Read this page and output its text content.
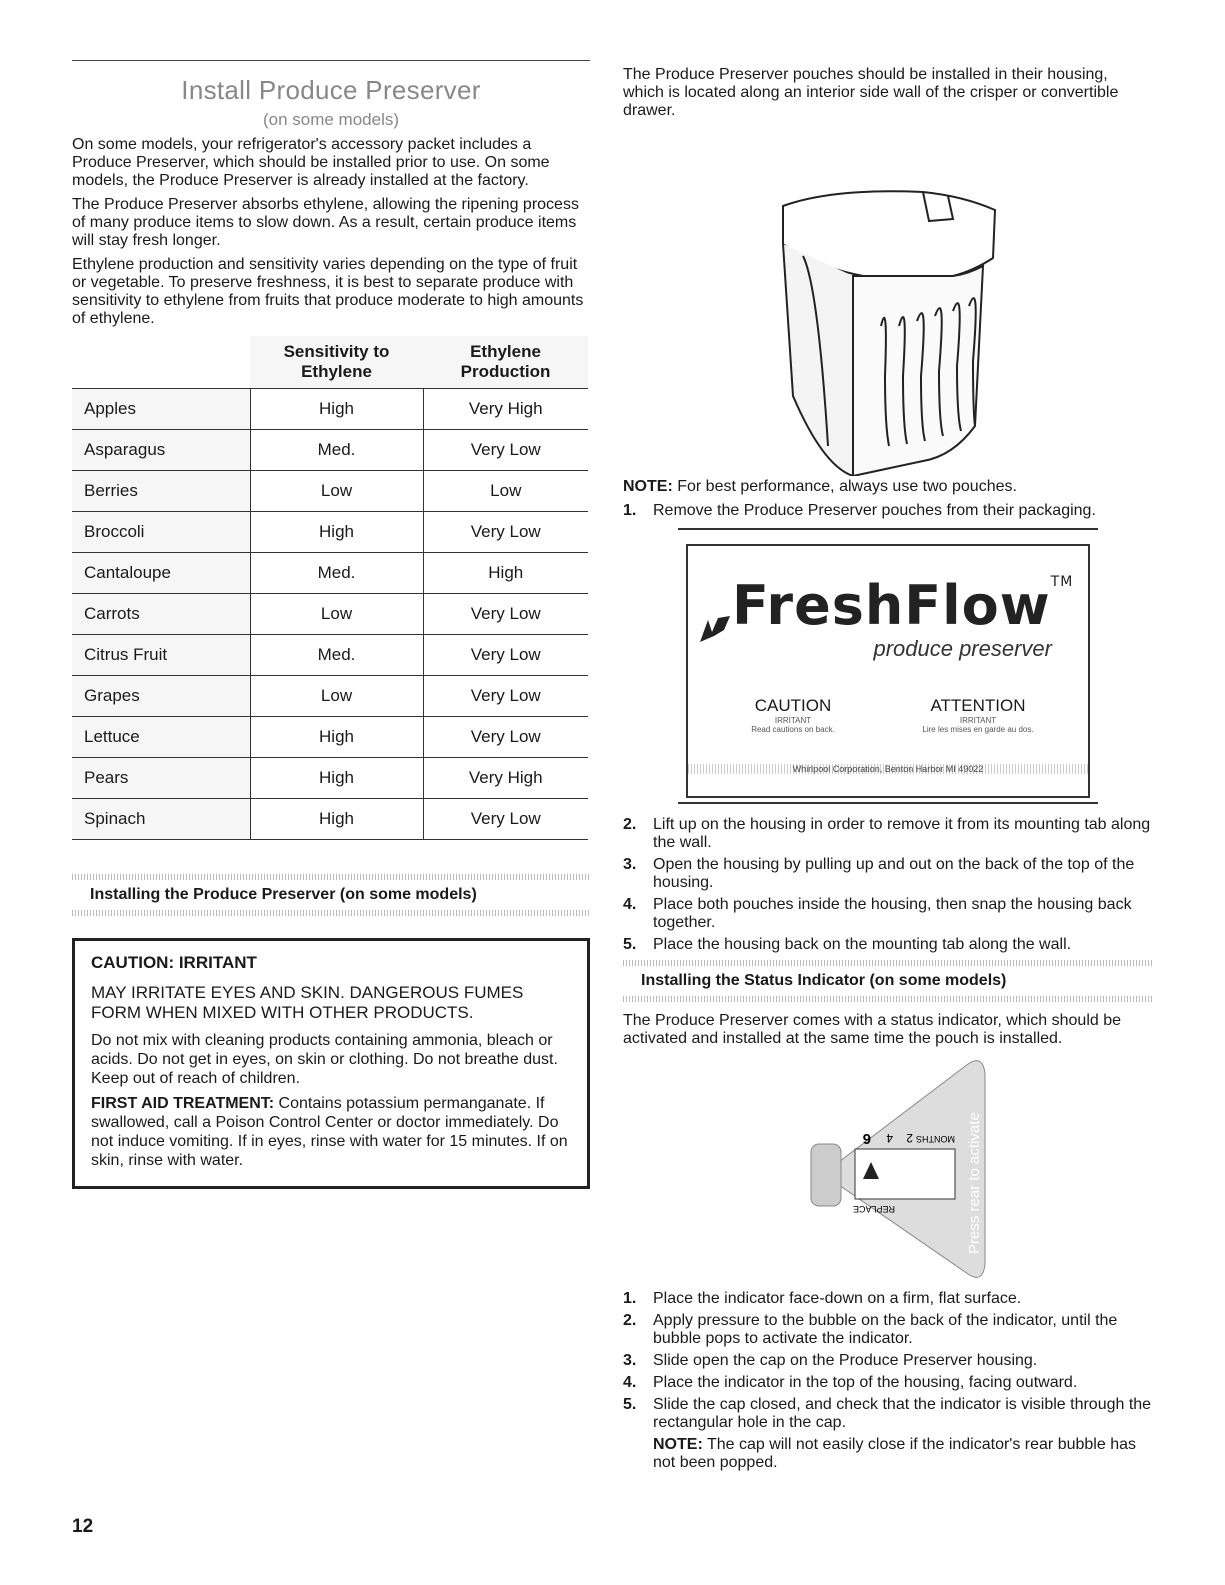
Install Produce Preserver
(on some models)

On some models, your refrigerator's accessory packet includes a Produce Preserver, which should be installed prior to use. On some models, the Produce Preserver is already installed at the factory.

The Produce Preserver absorbs ethylene, allowing the ripening process of many produce items to slow down. As a result, certain produce items will stay fresh longer.

Ethylene production and sensitivity varies depending on the type of fruit or vegetable. To preserve freshness, it is best to separate produce with sensitivity to ethylene from fruits that produce moderate to high amounts of ethylene.

	Sensitivity to Ethylene	Ethylene Production
Apples	High	Very High
Asparagus	Med.	Very Low
Berries	Low	Low
Broccoli	High	Very Low
Cantaloupe	Med.	High
Carrots	Low	Very Low
Citrus Fruit	Med.	Very Low
Grapes	Low	Very Low
Lettuce	High	Very Low
Pears	High	Very High
Spinach	High	Very Low
Installing the Produce Preserver (on some models)
CAUTION: IRRITANT
MAY IRRITATE EYES AND SKIN. DANGEROUS FUMES FORM WHEN MIXED WITH OTHER PRODUCTS.

Do not mix with cleaning products containing ammonia, bleach or acids. Do not get in eyes, on skin or clothing. Do not breathe dust. Keep out of reach of children.

FIRST AID TREATMENT: Contains potassium permanganate. If swallowed, call a Poison Control Center or doctor immediately. Do not induce vomiting. If in eyes, rinse with water for 15 minutes. If on skin, rinse with water.

The Produce Preserver pouches should be installed in their housing, which is located along an interior side wall of the crisper or convertible drawer.

NOTE: For best performance, always use two pouches.

1.	Remove the Produce Preserver pouches from their packaging.
FreshFlow™
produce preserver
CAUTION
IRRITANT
Read cautions on back.
ATTENTION
IRRITANT
Lire les mises en garde au dos.
Whirlpool Corporation, Benton Harbor MI 49022
2.	Lift up on the housing in order to remove it from its mounting tab along the wall.
3.	Open the housing by pulling up and out on the back of the top of the housing.
4.	Place both pouches inside the housing, then snap the housing back together.
5.	Place the housing back on the mounting tab along the wall.
Installing the Status Indicator (on some models)

The Produce Preserver comes with a status indicator, which should be activated and installed at the same time the pouch is installed.

6 4 2 MONTHS
REPLACE	Press rear to activate
1.	Place the indicator face-down on a firm, flat surface.
2.	Apply pressure to the bubble on the back of the indicator, until the bubble pops to activate the indicator.
3.	Slide open the cap on the Produce Preserver housing.
4.	Place the indicator in the top of the housing, facing outward.
5.	Slide the cap closed, and check that the indicator is visible through the rectangular hole in the cap.

NOTE: The cap will not easily close if the indicator's rear bubble has not been popped.

12
